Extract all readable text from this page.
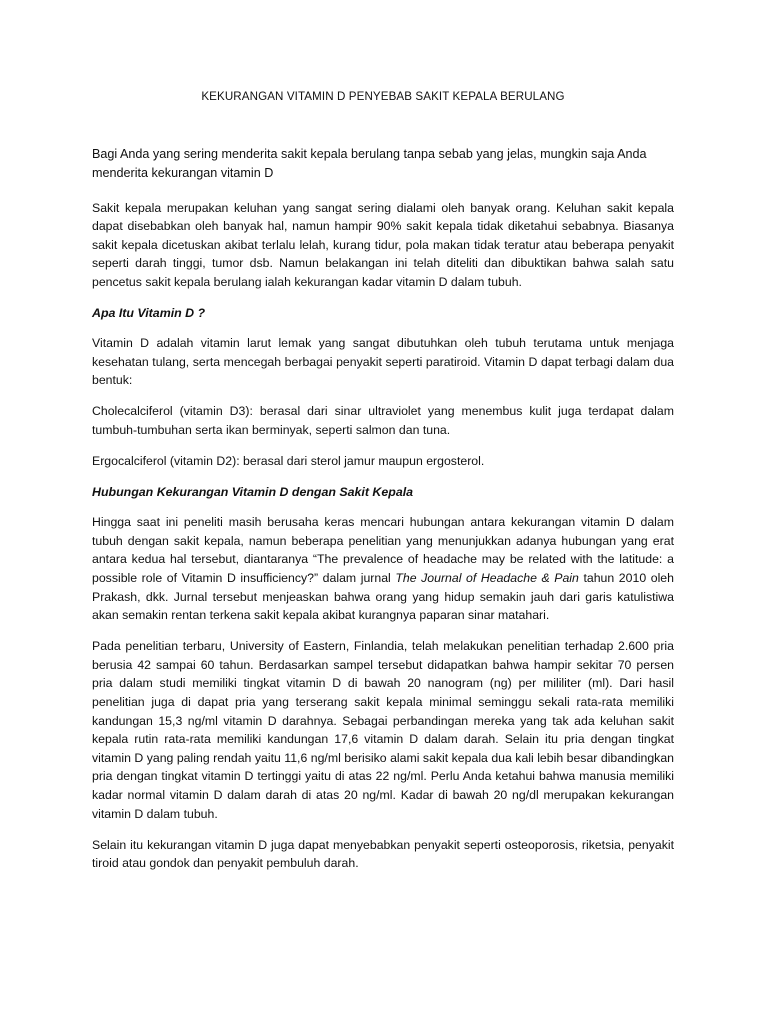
KEKURANGAN VITAMIN D PENYEBAB SAKIT KEPALA BERULANG

Bagi Anda yang sering menderita sakit kepala berulang tanpa sebab yang jelas, mungkin saja Anda menderita kekurangan vitamin D

Sakit kepala merupakan keluhan yang sangat sering dialami oleh banyak orang. Keluhan sakit kepala dapat disebabkan oleh banyak hal, namun hampir 90% sakit kepala tidak diketahui sebabnya. Biasanya sakit kepala dicetuskan akibat terlalu lelah, kurang tidur, pola makan tidak teratur atau beberapa penyakit seperti darah tinggi, tumor dsb. Namun belakangan ini telah diteliti dan dibuktikan bahwa salah satu pencetus sakit kepala berulang ialah kekurangan kadar vitamin D dalam tubuh.

Apa Itu Vitamin D ?

Vitamin D adalah vitamin larut lemak yang sangat dibutuhkan oleh tubuh terutama untuk menjaga kesehatan tulang, serta mencegah berbagai penyakit seperti paratiroid. Vitamin D dapat terbagi dalam dua bentuk:

Cholecalciferol (vitamin D3): berasal dari sinar ultraviolet yang menembus kulit juga terdapat dalam tumbuh-tumbuhan serta ikan berminyak, seperti salmon dan tuna.

Ergocalciferol (vitamin D2): berasal dari sterol jamur maupun ergosterol.

Hubungan Kekurangan Vitamin D dengan Sakit Kepala

Hingga saat ini peneliti masih berusaha keras mencari hubungan antara kekurangan vitamin D dalam tubuh dengan sakit kepala, namun beberapa penelitian yang menunjukkan adanya hubungan yang erat antara kedua hal tersebut, diantaranya “The prevalence of headache may be related with the latitude: a possible role of Vitamin D insufficiency?” dalam jurnal The Journal of Headache & Pain tahun 2010 oleh Prakash, dkk. Jurnal tersebut menjeaskan bahwa orang yang hidup semakin jauh dari garis katulistiwa akan semakin rentan terkena sakit kepala akibat kurangnya paparan sinar matahari.

Pada penelitian terbaru, University of Eastern, Finlandia, telah melakukan penelitian terhadap 2.600 pria berusia 42 sampai 60 tahun. Berdasarkan sampel tersebut didapatkan bahwa hampir sekitar 70 persen pria dalam studi memiliki tingkat vitamin D di bawah 20 nanogram (ng) per mililiter (ml). Dari hasil penelitian juga di dapat pria yang terserang sakit kepala minimal seminggu sekali rata-rata memiliki kandungan 15,3 ng/ml vitamin D darahnya. Sebagai perbandingan mereka yang tak ada keluhan sakit kepala rutin rata-rata memiliki kandungan 17,6 vitamin D dalam darah. Selain itu pria dengan tingkat vitamin D yang paling rendah yaitu 11,6 ng/ml berisiko alami sakit kepala dua kali lebih besar dibandingkan pria dengan tingkat vitamin D tertinggi yaitu di atas 22 ng/ml. Perlu Anda ketahui bahwa manusia memiliki kadar normal vitamin D dalam darah di atas 20 ng/ml. Kadar di bawah 20 ng/dl merupakan kekurangan vitamin D dalam tubuh.

Selain itu kekurangan vitamin D juga dapat menyebabkan penyakit seperti osteoporosis, riketsia, penyakit tiroid atau gondok dan penyakit pembuluh darah.
